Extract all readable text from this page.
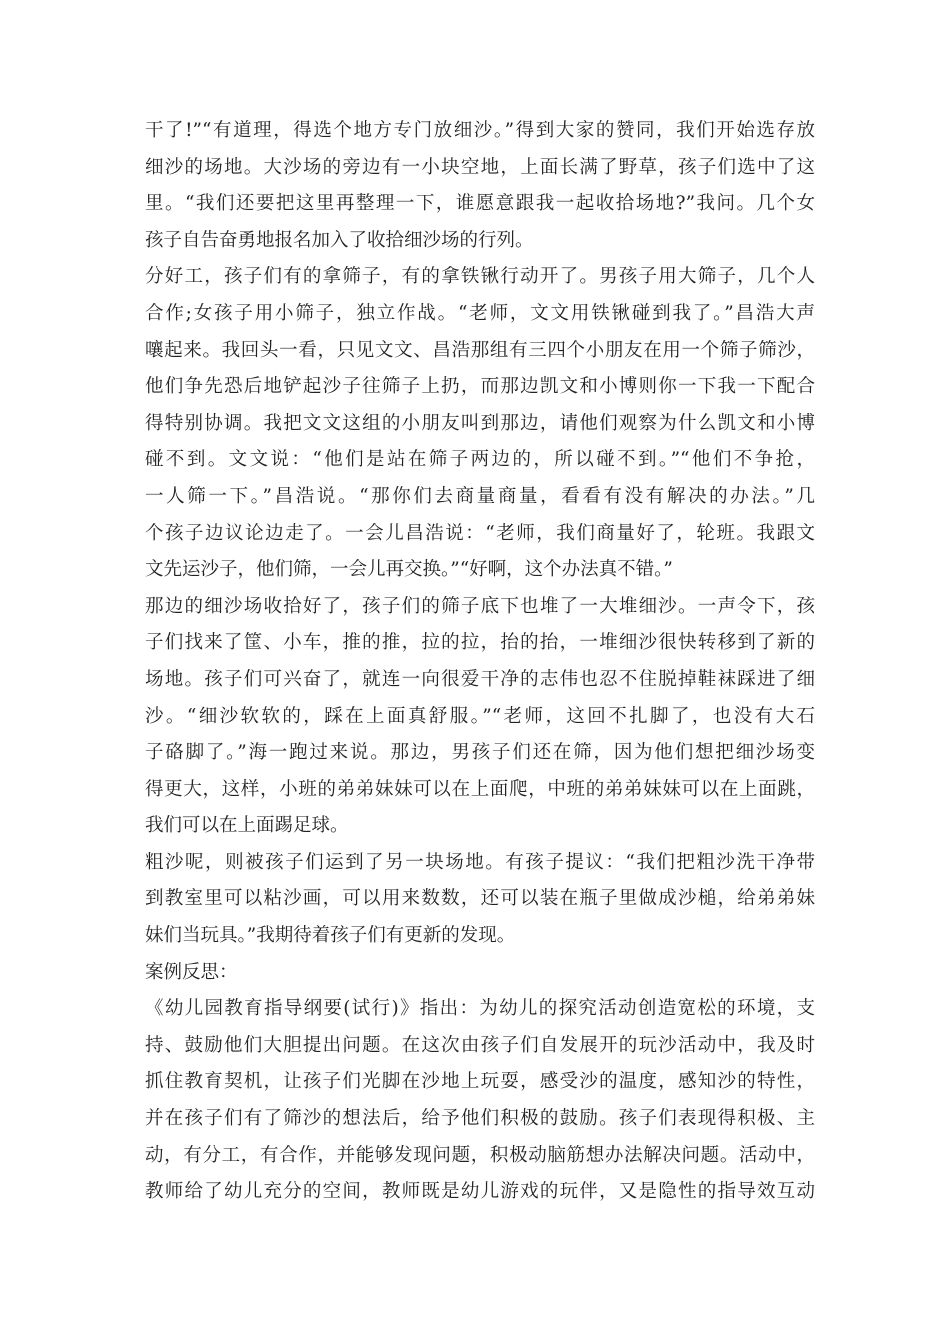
干了!”“有道理，得选个地方专门放细沙。”得到大家的赞同，我们开始选存放
细沙的场地。大沙场的旁边有一小块空地，上面长满了野草，孩子们选中了这
里。“我们还要把这里再整理一下，谁愿意跟我一起收拾场地?”我问。几个女
孩子自告奋勇地报名加入了收拾细沙场的行列。
分好工，孩子们有的拿筛子，有的拿铁锹行动开了。男孩子用大筛子，几个人
合作;女孩子用小筛子，独立作战。“老师，文文用铁锹碰到我了。”昌浩大声
嚷起来。我回头一看，只见文文、昌浩那组有三四个小朋友在用一个筛子筛沙，
他们争先恐后地铲起沙子往筛子上扔，而那边凯文和小博则你一下我一下配合
得特别协调。我把文文这组的小朋友叫到那边，请他们观察为什么凯文和小博
碰不到。文文说：“他们是站在筛子两边的，所以碰不到。”“他们不争抢，
一人筛一下。”昌浩说。“那你们去商量商量，看看有没有解决的办法。”几
个孩子边议论边走了。一会儿昌浩说：“老师，我们商量好了，轮班。我跟文
文先运沙子，他们筛，一会儿再交换。”“好啊，这个办法真不错。”
那边的细沙场收拾好了，孩子们的筛子底下也堆了一大堆细沙。一声令下，孩
子们找来了筐、小车，推的推，拉的拉，抬的抬，一堆细沙很快转移到了新的
场地。孩子们可兴奋了，就连一向很爱干净的志伟也忍不住脱掉鞋袜踩进了细
沙。“细沙软软的，踩在上面真舒服。”“老师，这回不扎脚了，也没有大石
子硌脚了。”海一跑过来说。那边，男孩子们还在筛，因为他们想把细沙场变
得更大，这样，小班的弟弟妹妹可以在上面爬，中班的弟弟妹妹可以在上面跳，
我们可以在上面踢足球。
粗沙呢，则被孩子们运到了另一块场地。有孩子提议：“我们把粗沙洗干净带
到教室里可以粘沙画，可以用来数数，还可以装在瓶子里做成沙槌，给弟弟妹
妹们当玩具。”我期待着孩子们有更新的发现。
案例反思：
《幼儿园教育指导纲要(试行)》指出：为幼儿的探究活动创造宽松的环境，支
持、鼓励他们大胆提出问题。在这次由孩子们自发展开的玩沙活动中，我及时
抓住教育契机，让孩子们光脚在沙地上玩耍，感受沙的温度，感知沙的特性，
并在孩子们有了筛沙的想法后，给予他们积极的鼓励。孩子们表现得积极、主
动，有分工，有合作，并能够发现问题，积极动脑筋想办法解决问题。活动中，
教师给了幼儿充分的空间，教师既是幼儿游戏的玩伴，又是隐性的指导效互动
